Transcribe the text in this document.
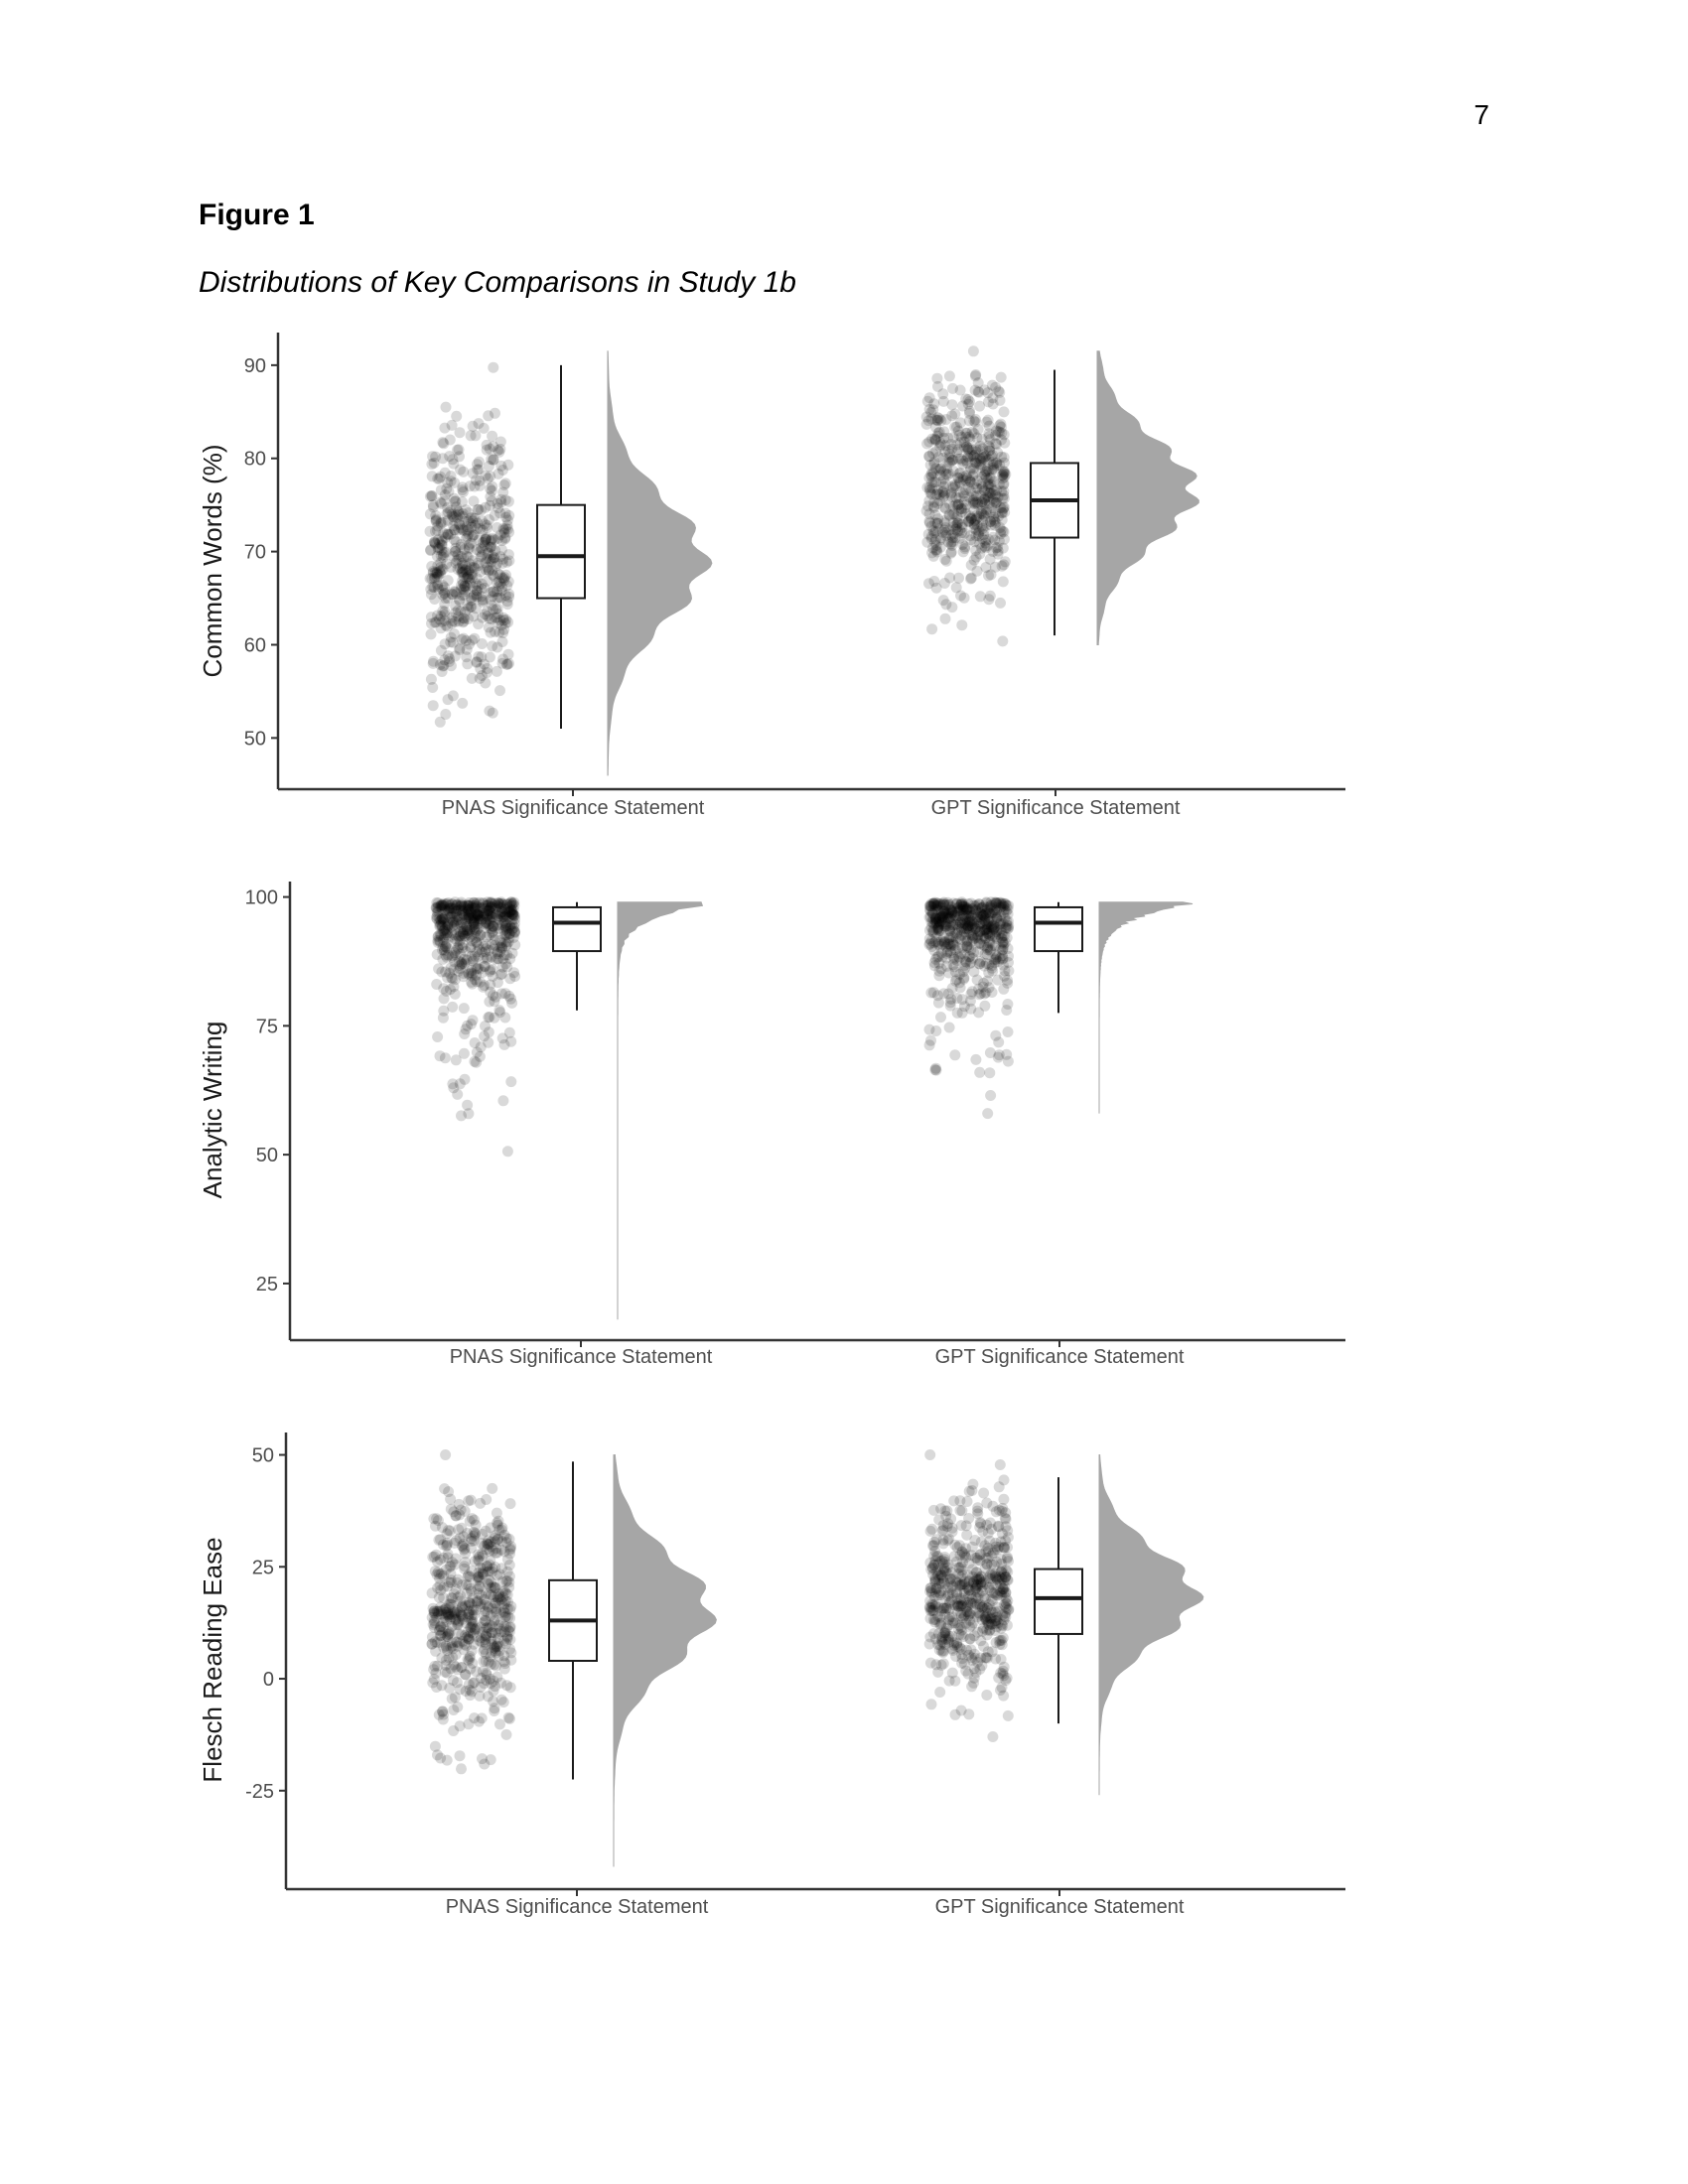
7
Figure 1
Distributions of Key Comparisons in Study 1b
50
60
70
80
90
Common Words (%)
PNAS Significance Statement	GPT Significance Statement
25
50
75
100
Analytic Writing
PNAS Significance Statement	GPT Significance Statement
-25
0
25
50
Flesch Reading Ease
PNAS Significance Statement	GPT Significance Statement
